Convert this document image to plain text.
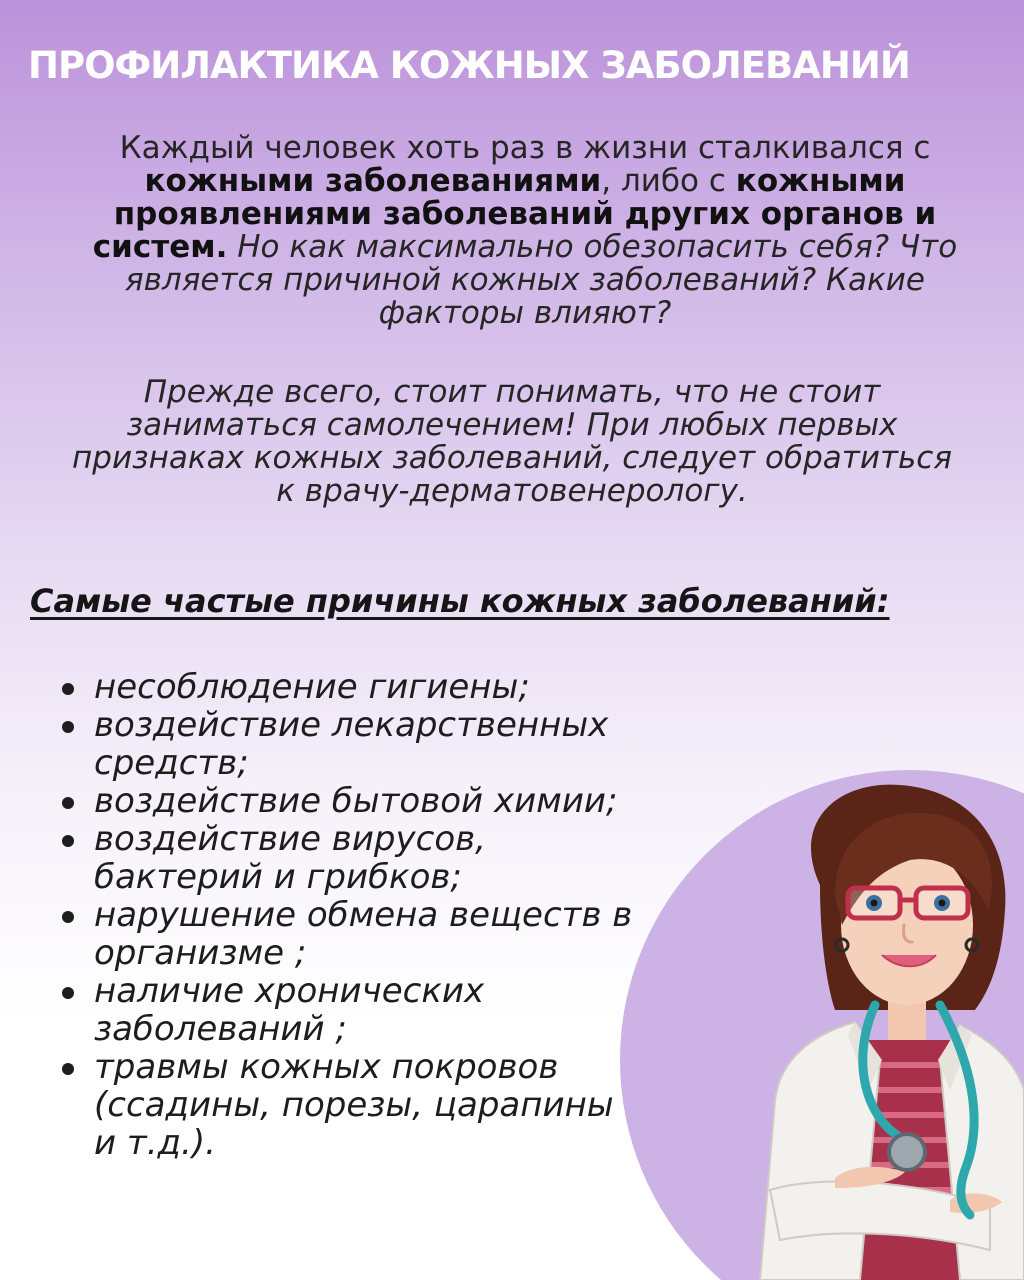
ПРОФИЛАКТИКА КОЖНЫХ ЗАБОЛЕВАНИЙ

Каждый человек хоть раз в жизни сталкивался с кожными заболеваниями, либо с кожными проявлениями заболеваний других органов и систем. Но как максимально обезопасить себя? Что является причиной кожных заболеваний? Какие факторы влияют?

Прежде всего, стоит понимать, что не стоит заниматься самолечением! При любых первых признаках кожных заболеваний, следует обратиться к врачу-дерматовенерологу.

Самые частые причины кожных заболеваний:
несоблюдение гигиены;
воздействие лекарственных средств;
воздействие бытовой химии;
воздействие вирусов, бактерий и грибков;
нарушение обмена веществ в организме ;
наличие хронических заболеваний ;
травмы кожных покровов (ссадины, порезы, царапины и т.д.).
